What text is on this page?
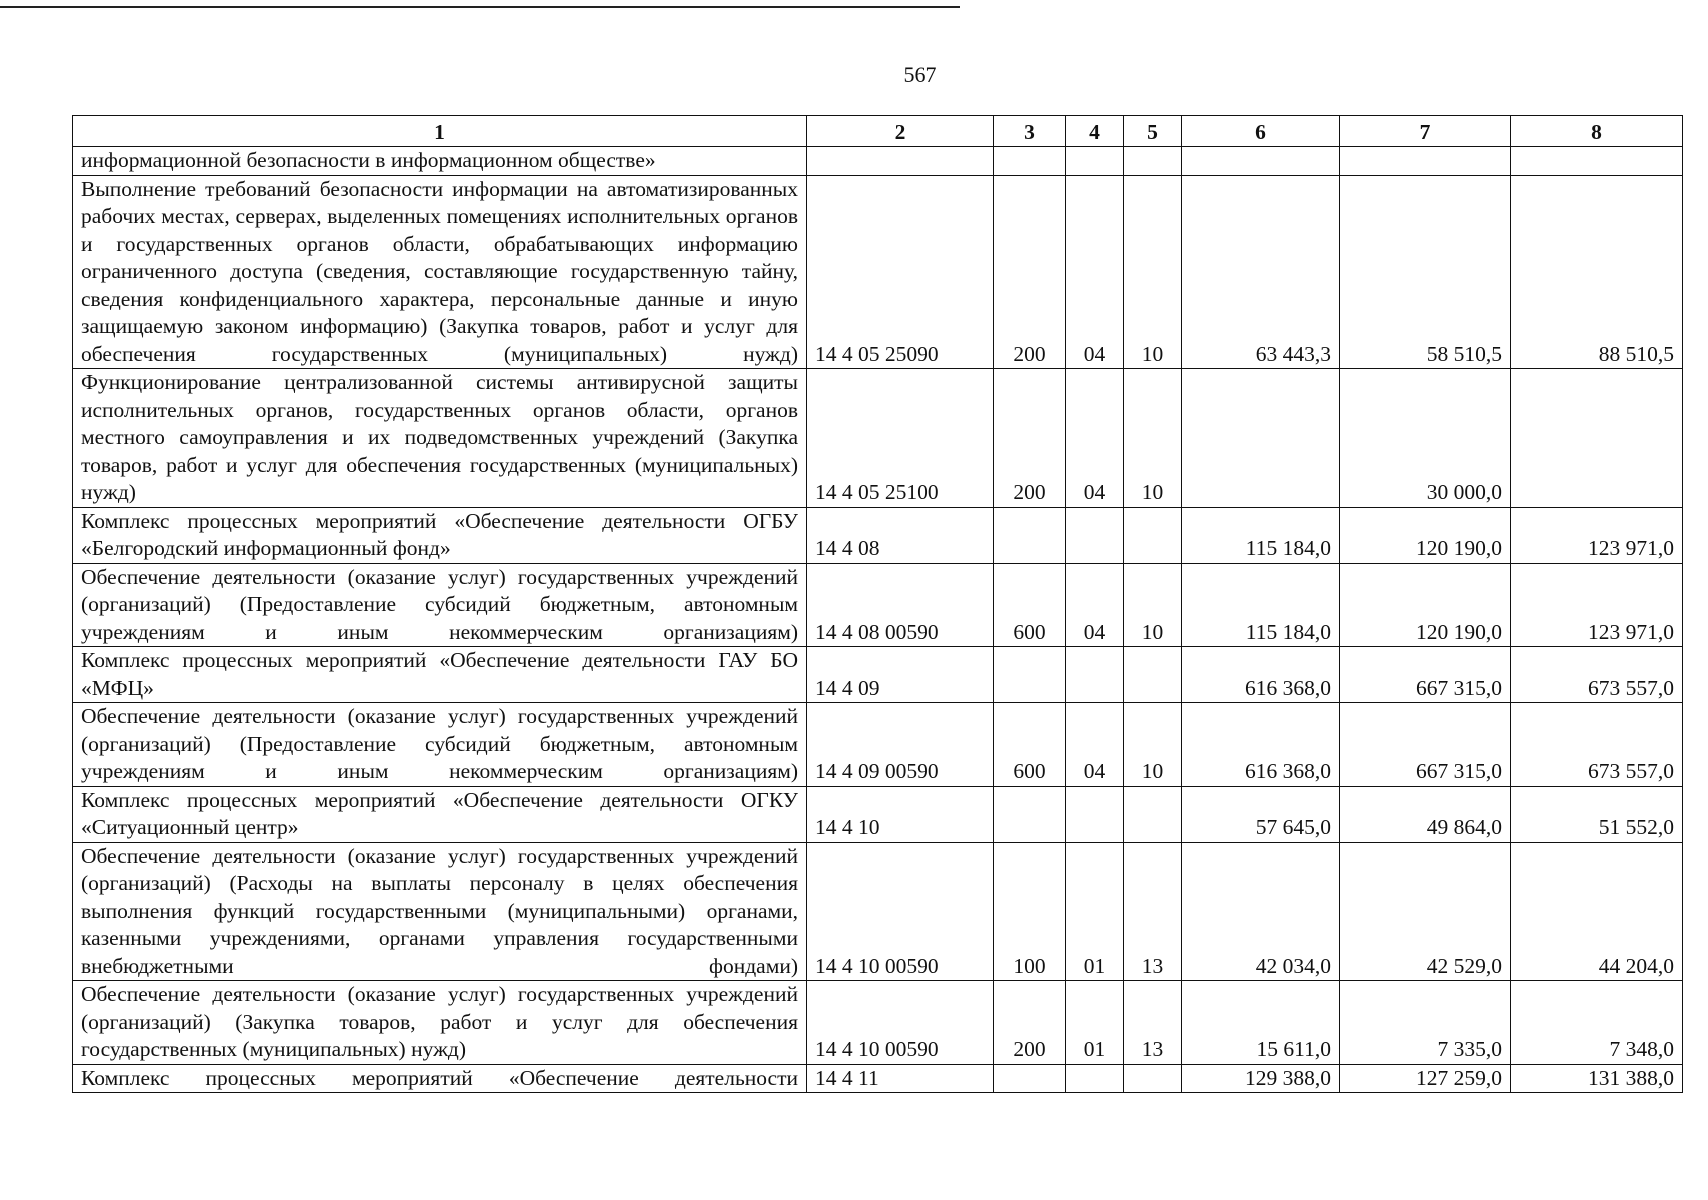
567
1	2	3	4	5	6	7	8
информационной безопасности в информационном обществе»							
Выполнение требований безопасности информации на автоматизированных рабочих местах, серверах, выделенных помещениях исполнительных органов и государственных органов области, обрабатывающих информацию ограниченного доступа (сведения, составляющие государственную тайну, сведения конфиденциального характера, персональные данные и иную защищаемую законом информацию) (Закупка товаров, работ и услуг для обеспечения государственных (муниципальных) нужд)	14 4 05 25090	200	04	10	63 443,3	58 510,5	88 510,5
Функционирование централизованной системы антивирусной защиты исполнительных органов, государственных органов области, органов местного самоуправления и их подведомственных учреждений (Закупка товаров, работ и услуг для обеспечения государственных (муниципальных) нужд)	14 4 05 25100	200	04	10		30 000,0	
Комплекс процессных мероприятий «Обеспечение деятельности ОГБУ «Белгородский информационный фонд»	14 4 08				115 184,0	120 190,0	123 971,0
Обеспечение деятельности (оказание услуг) государственных учреждений (организаций) (Предоставление субсидий бюджетным, автономным учреждениям и иным некоммерческим организациям)	14 4 08 00590	600	04	10	115 184,0	120 190,0	123 971,0
Комплекс процессных мероприятий «Обеспечение деятельности ГАУ БО «МФЦ»	14 4 09				616 368,0	667 315,0	673 557,0
Обеспечение деятельности (оказание услуг) государственных учреждений (организаций) (Предоставление субсидий бюджетным, автономным учреждениям и иным некоммерческим организациям)	14 4 09 00590	600	04	10	616 368,0	667 315,0	673 557,0
Комплекс процессных мероприятий «Обеспечение деятельности ОГКУ «Ситуационный центр»	14 4 10				57 645,0	49 864,0	51 552,0
Обеспечение деятельности (оказание услуг) государственных учреждений (организаций) (Расходы на выплаты персоналу в целях обеспечения выполнения функций государственными (муниципальными) органами, казенными учреждениями, органами управления государственными внебюджетными фондами)	14 4 10 00590	100	01	13	42 034,0	42 529,0	44 204,0
Обеспечение деятельности (оказание услуг) государственных учреждений (организаций) (Закупка товаров, работ и услуг для обеспечения государственных (муниципальных) нужд)	14 4 10 00590	200	01	13	15 611,0	7 335,0	7 348,0
Комплекс процессных мероприятий «Обеспечение деятельности	14 4 11				129 388,0	127 259,0	131 388,0
